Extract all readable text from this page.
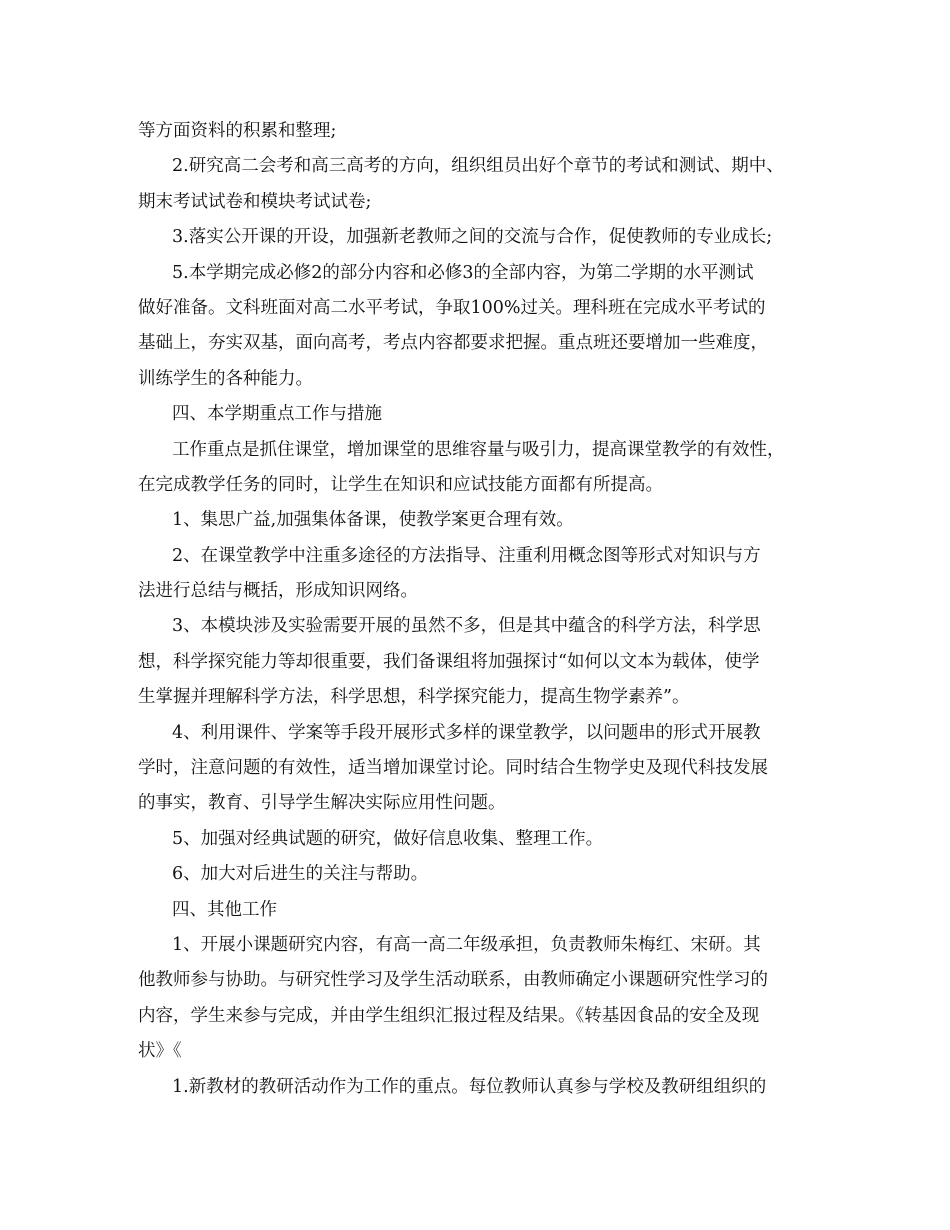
等方面资料的积累和整理;
2.研究高二会考和高三高考的方向，组织组员出好个章节的考试和测试、期中、
期末考试试卷和模块考试试卷;
3.落实公开课的开设，加强新老教师之间的交流与合作，促使教师的专业成长;
5.本学期完成必修2的部分内容和必修3的全部内容，为第二学期的水平测试
做好准备。文科班面对高二水平考试，争取100%过关。理科班在完成水平考试的
基础上，夯实双基，面向高考，考点内容都要求把握。重点班还要增加一些难度，
训练学生的各种能力。
四、本学期重点工作与措施
工作重点是抓住课堂，增加课堂的思维容量与吸引力，提高课堂教学的有效性，
在完成教学任务的同时，让学生在知识和应试技能方面都有所提高。
1、集思广益,加强集体备课，使教学案更合理有效。
2、在课堂教学中注重多途径的方法指导、注重利用概念图等形式对知识与方
法进行总结与概括，形成知识网络。
3、本模块涉及实验需要开展的虽然不多，但是其中蕴含的科学方法，科学思
想，科学探究能力等却很重要，我们备课组将加强探讨“如何以文本为载体，使学
生掌握并理解科学方法，科学思想，科学探究能力，提高生物学素养”。
4、利用课件、学案等手段开展形式多样的课堂教学，以问题串的形式开展教
学时，注意问题的有效性，适当增加课堂讨论。同时结合生物学史及现代科技发展
的事实，教育、引导学生解决实际应用性问题。
5、加强对经典试题的研究，做好信息收集、整理工作。
6、加大对后进生的关注与帮助。
四、其他工作
1、开展小课题研究内容，有高一高二年级承担，负责教师朱梅红、宋研。其
他教师参与协助。与研究性学习及学生活动联系，由教师确定小课题研究性学习的
内容，学生来参与完成，并由学生组织汇报过程及结果。《转基因食品的安全及现
状》《
1.新教材的教研活动作为工作的重点。每位教师认真参与学校及教研组组织的
